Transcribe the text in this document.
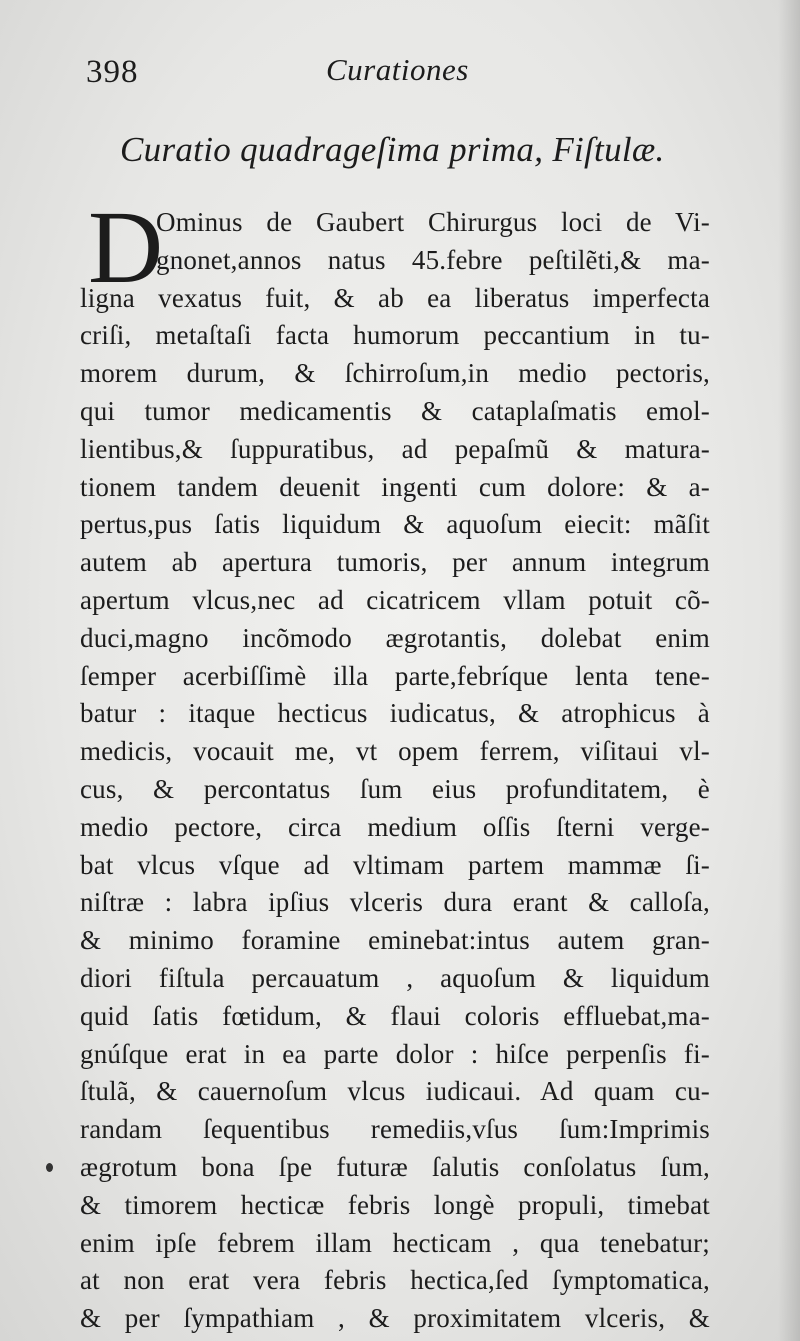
398	Curationes
Curatio quadrageſima prima, Fiſtulæ.
D
Ominus de Gaubert Chirurgus loci de Vi-
gnonet,annos natus 45.febre peſtilẽti,& ma-
ligna vexatus fuit, & ab ea liberatus imperfecta
criſi, metaſtaſi facta humorum peccantium in tu-
morem durum, & ſchirroſum,in medio pectoris,
qui tumor medicamentis & cataplaſmatis emol-
lientibus,& ſuppuratibus, ad pepaſmũ & matura-
tionem tandem deuenit ingenti cum dolore: & a-
pertus,pus ſatis liquidum & aquoſum eiecit: mãſit
autem ab apertura tumoris, per annum integrum
apertum vlcus,nec ad cicatricem vllam potuit cõ-
duci,magno incõmodo ægrotantis, dolebat enim
ſemper acerbiſſimè illa parte,febríque lenta tene-
batur : itaque hecticus iudicatus, & atrophicus à
medicis, vocauit me, vt opem ferrem, viſitaui vl-
cus, & percontatus ſum eius profunditatem, è
medio pectore, circa medium oſſis ſterni verge-
bat vlcus vſque ad vltimam partem mammæ ſi-
niſtræ : labra ipſius vlceris dura erant & calloſa,
& minimo foramine eminebat:intus autem gran-
diori fiſtula percauatum , aquoſum & liquidum
quid ſatis fœtidum, & flaui coloris effluebat,ma-
gnúſque erat in ea parte dolor : hiſce perpenſis fi-
ſtulã, & cauernoſum vlcus iudicaui. Ad quam cu-
randam ſequentibus remediis,vſus ſum:Imprimis
ægrotum bona ſpe futuræ ſalutis conſolatus ſum,
& timorem hecticæ febris longè propuli, timebat
enim ipſe febrem illam hecticam , qua tenebatur;
at non erat vera febris hectica,ſed ſymptomatica,
& per ſympathiam , & proximitatem vlceris, &
